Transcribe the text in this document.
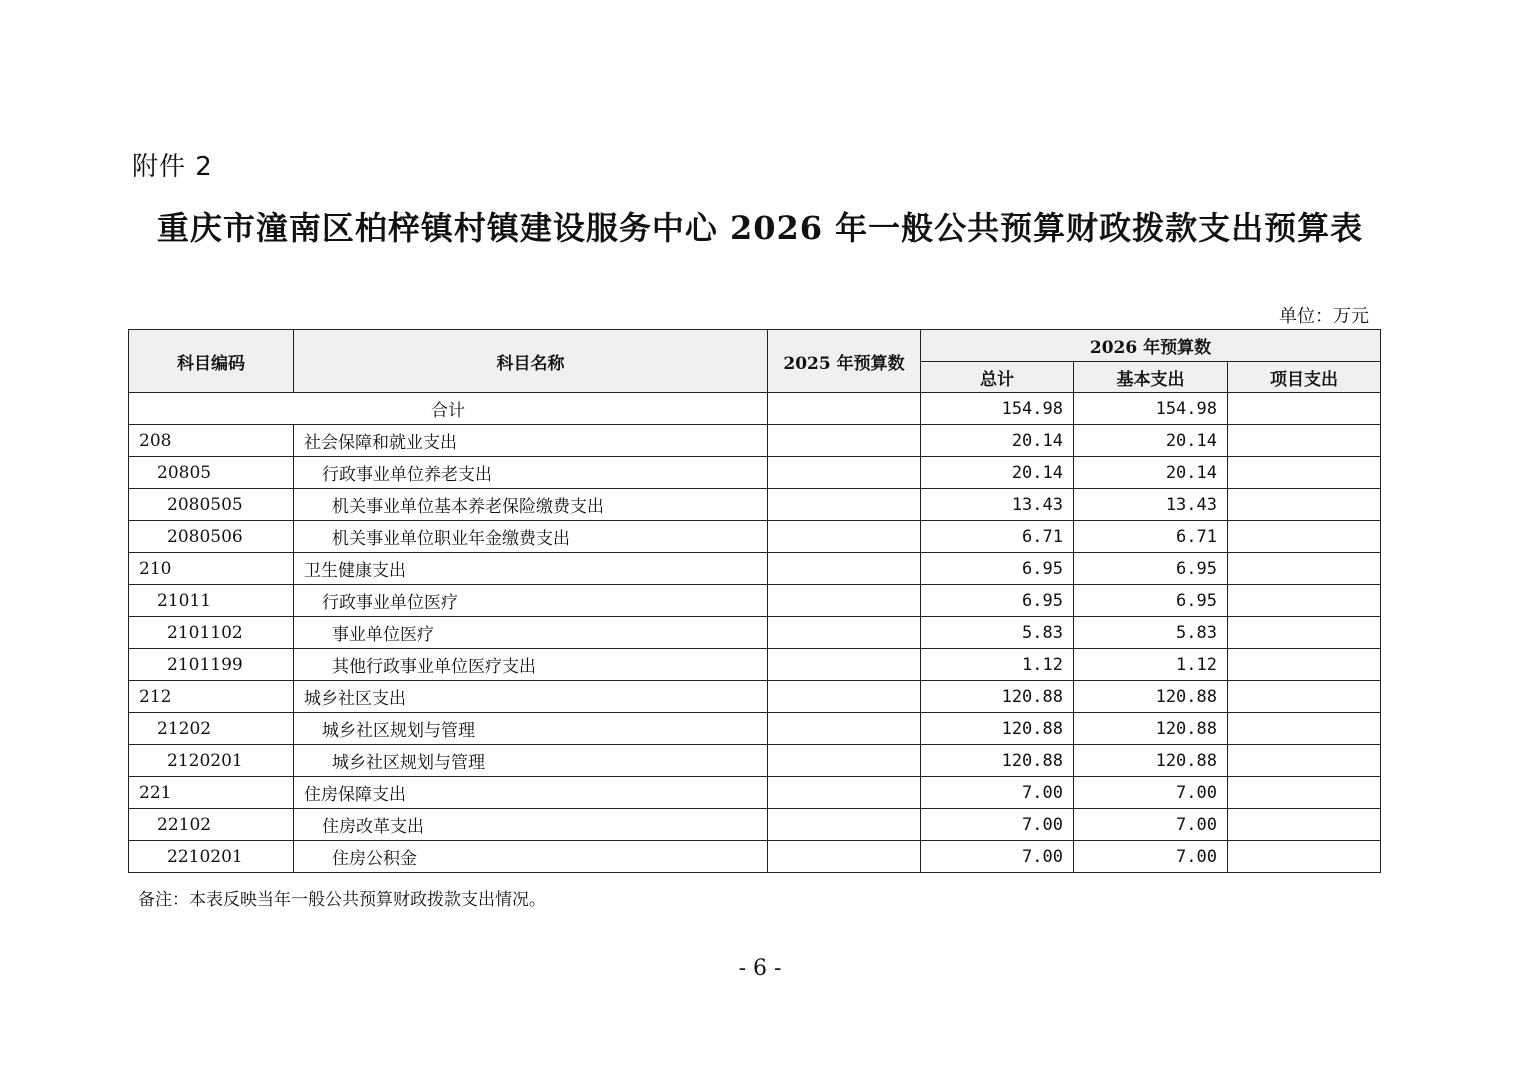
附件 2
重庆市潼南区柏梓镇村镇建设服务中心 2026 年一般公共预算财政拨款支出预算表
单位：万元
科目编码	科目名称	2025 年预算数	2026 年预算数		
			总计	基本支出	项目支出
合计			154.98	154.98	
208	社会保障和就业支出		20.14	20.14	
20805	行政事业单位养老支出		20.14	20.14	
2080505	机关事业单位基本养老保险缴费支出		13.43	13.43	
2080506	机关事业单位职业年金缴费支出		6.71	6.71	
210	卫生健康支出		6.95	6.95	
21011	行政事业单位医疗		6.95	6.95	
2101102	事业单位医疗		5.83	5.83	
2101199	其他行政事业单位医疗支出		1.12	1.12	
212	城乡社区支出		120.88	120.88	
21202	城乡社区规划与管理		120.88	120.88	
2120201	城乡社区规划与管理		120.88	120.88	
221	住房保障支出		7.00	7.00	
22102	住房改革支出		7.00	7.00	
2210201	住房公积金		7.00	7.00	
备注：本表反映当年一般公共预算财政拨款支出情况。
- 6 -
